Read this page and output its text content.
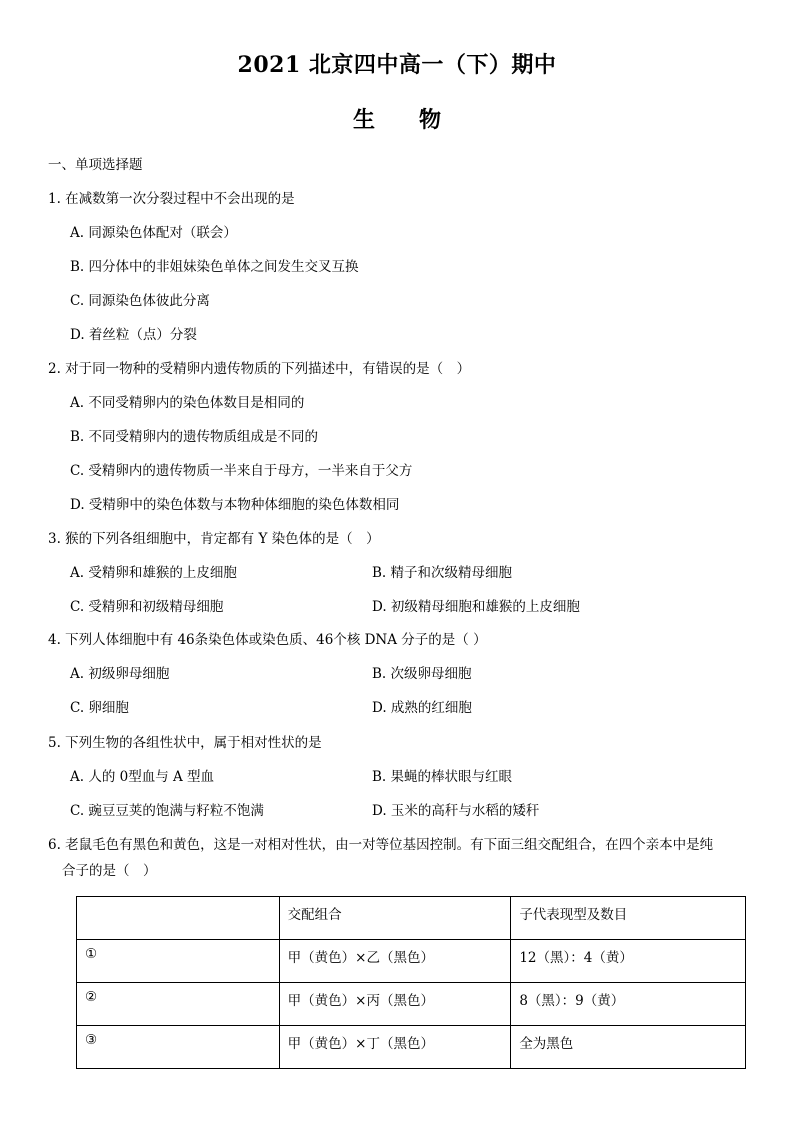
2021 北京四中高一（下）期中
生物
一、单项选择题
1. 在减数第一次分裂过程中不会出现的是
A. 同源染色体配对（联会）
B. 四分体中的非姐妹染色单体之间发生交叉互换
C. 同源染色体彼此分离
D. 着丝粒（点）分裂
2. 对于同一物种的受精卵内遗传物质的下列描述中，有错误的是（　）
A. 不同受精卵内的染色体数目是相同的
B. 不同受精卵内的遗传物质组成是不同的
C. 受精卵内的遗传物质一半来自于母方，一半来自于父方
D. 受精卵中的染色体数与本物种体细胞的染色体数相同
3. 猴的下列各组细胞中，肯定都有 Y 染色体的是（　）
A. 受精卵和雄猴的上皮细胞	B. 精子和次级精母细胞
C. 受精卵和初级精母细胞	D. 初级精母细胞和雄猴的上皮细胞
4. 下列人体细胞中有 46条染色体或染色质、46个核 DNA 分子的是（ ）
A. 初级卵母细胞	B. 次级卵母细胞
C. 卵细胞	D. 成熟的红细胞
5. 下列生物的各组性状中，属于相对性状的是
A. 人的 0型血与 A 型血	B. 果蝇的棒状眼与红眼
C. 豌豆豆荚的饱满与籽粒不饱满	D. 玉米的高秆与水稻的矮秆
6. 老鼠毛色有黑色和黄色，这是一对相对性状，由一对等位基因控制。有下面三组交配组合，在四个亲本中是纯
合子的是（　）
	交配组合	子代表现型及数目
①	甲（黄色）×乙（黑色）	12（黑）：4（黄）
②	甲（黄色）×丙（黑色）	8（黑）：9（黄）
③	甲（黄色）×丁（黑色）	全为黑色
